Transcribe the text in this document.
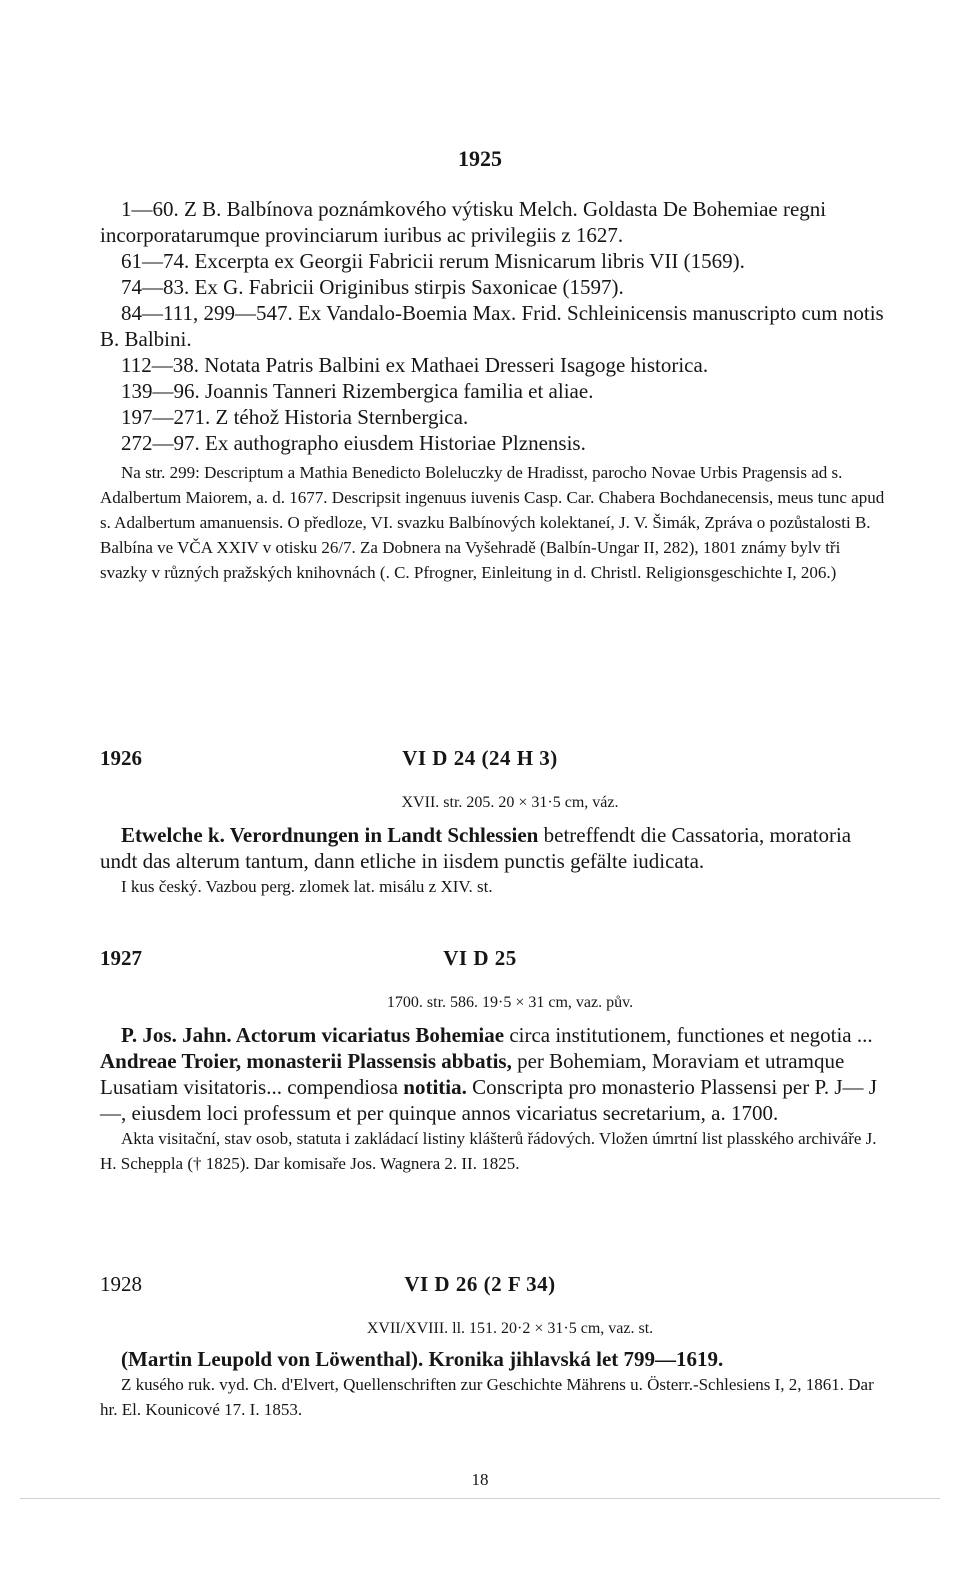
1925

1—60. Z B. Balbínova poznámkového výtisku Melch. Goldasta De Bohemiae regni incorporatarumque provinciarum iuribus ac privilegiis z 1627.

61—74. Excerpta ex Georgii Fabricii rerum Misnicarum libris VII (1569).

74—83. Ex G. Fabricii Originibus stirpis Saxonicae (1597).

84—111, 299—547. Ex Vandalo-Boemia Max. Frid. Schleinicensis manuscripto cum notis B. Balbini.

112—38. Notata Patris Balbini ex Mathaei Dresseri Isagoge historica.

139—96. Joannis Tanneri Rizembergica familia et aliae.

197—271. Z téhož Historia Sternbergica.

272—97. Ex authographo eiusdem Historiae Plznensis.

Na str. 299: Descriptum a Mathia Benedicto Boleluczky de Hradisst, parocho Novae Urbis Pragensis ad s. Adalbertum Maiorem, a. d. 1677. Descripsit ingenuus iuvenis Casp. Car. Chabera Bochdanecensis, meus tunc apud s. Adalbertum amanuensis. O předloze, VI. svazku Balbínových kolektaneí, J. V. Šimák, Zpráva o pozůstalosti B. Balbína ve VČA XXIV v otisku 26/7. Za Dobnera na Vyšehradě (Balbín-Ungar II, 282), 1801 známy bylv tři svazky v různých pražských knihovnách (. C. Pfrogner, Einleitung in d. Christl. Religionsgeschichte I, 206.)

1926	VI D 24 (24 H 3)
XVII. str. 205. 20 × 31·5 cm, váz.

Etwelche k. Verordnungen in Landt Schlessien betreffendt die Cassatoria, moratoria undt das alterum tantum, dann etliche in iisdem punctis gefälte iudicata.

I kus český. Vazbou perg. zlomek lat. misálu z XIV. st.

1927	VI D 25
1700. str. 586. 19·5 × 31 cm, vaz. pův.

P. Jos. Jahn. Actorum vicariatus Bohemiae circa institutionem, functiones et negotia ... Andreae Troier, monasterii Plassensis abbatis, per Bohemiam, Moraviam et utramque Lusatiam visitatoris... compendiosa notitia. Conscripta pro monasterio Plassensi per P. J— J—, eiusdem loci professum et per quinque annos vicariatus secretarium, a. 1700.

Akta visitační, stav osob, statuta i zakládací listiny klášterů řádových. Vložen úmrtní list plasského archiváře J. H. Scheppla († 1825). Dar komisaře Jos. Wagnera 2. II. 1825.

1928	VI D 26 (2 F 34)
XVII/XVIII. ll. 151. 20·2 × 31·5 cm, vaz. st.

(Martin Leupold von Löwenthal). Kronika jihlavská let 799—1619.

Z kusého ruk. vyd. Ch. d'Elvert, Quellenschriften zur Geschichte Mährens u. Österr.-Schlesiens I, 2, 1861. Dar hr. El. Kounicové 17. I. 1853.

18
